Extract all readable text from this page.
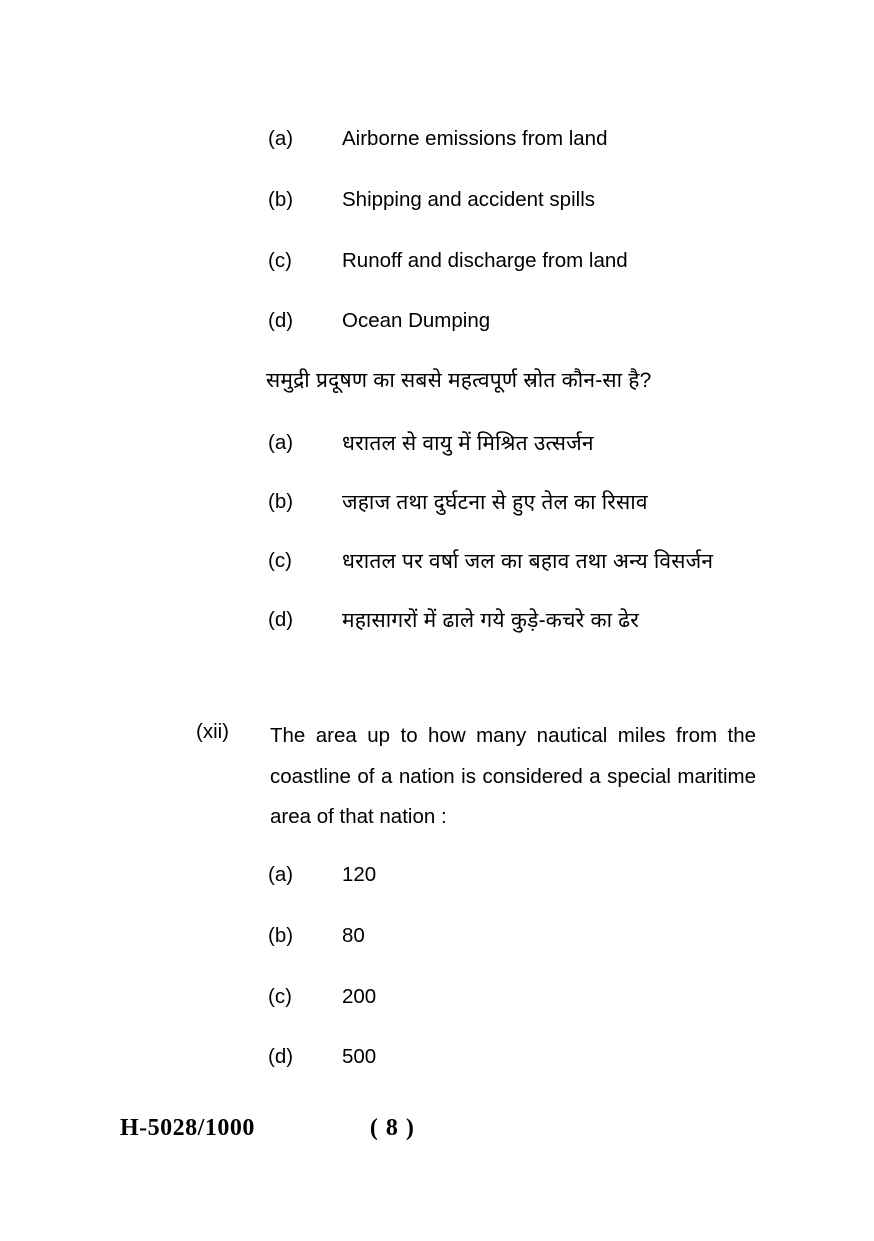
(a)	Airborne emissions from land
(b)	Shipping and accident spills
(c)	Runoff and discharge from land
(d)	Ocean Dumping
समुद्री प्रदूषण का सबसे महत्वपूर्ण स्रोत कौन-सा है?
(a)	धरातल से वायु में मिश्रित उत्सर्जन
(b)	जहाज तथा दुर्घटना से हुए तेल का रिसाव
(c)	धरातल पर वर्षा जल का बहाव तथा अन्य विसर्जन
(d)	महासागरों में ढाले गये कुड़े-कचरे का ढेर
(xii)	The area up to how many nautical miles from the coastline of a nation is considered a special maritime area of that nation :
(a)	120
(b)	80
(c)	200
(d)	500
H-5028/1000	( 8 )
